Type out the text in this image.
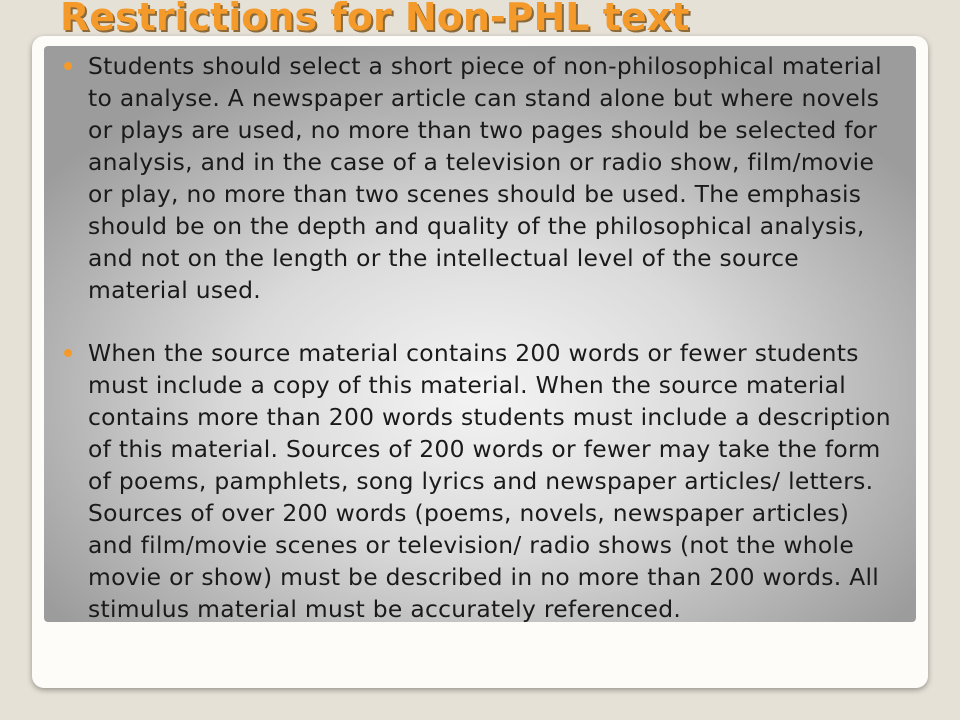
Restrictions for Non-PHL text
Students should select a short piece of non-philosophical material to analyse. A newspaper article can stand alone but where novels or plays are used, no more than two pages should be selected for analysis, and in the case of a television or radio show, film/movie or play, no more than two scenes should be used. The emphasis should be on the depth and quality of the philosophical analysis, and not on the length or the intellectual level of the source material used.
When the source material contains 200 words or fewer students must include a copy of this material. When the source material contains more than 200 words students must include a description of this material. Sources of 200 words or fewer may take the form of poems, pamphlets, song lyrics and newspaper articles/ letters. Sources of over 200 words (poems, novels, newspaper articles) and film/movie scenes or television/ radio shows (not the whole movie or show) must be described in no more than 200 words. All stimulus material must be accurately referenced.
